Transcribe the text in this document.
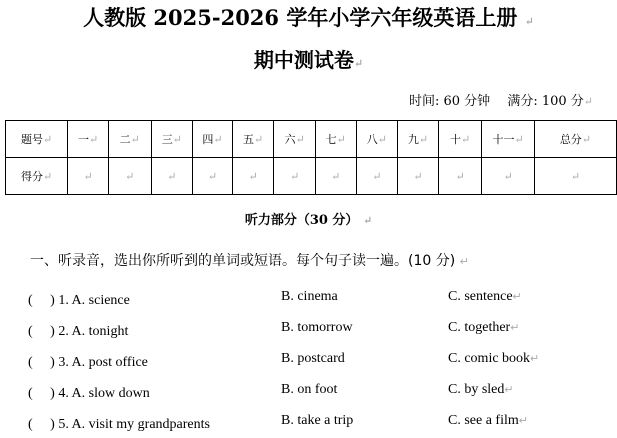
人教版 2025-2026 学年小学六年级英语上册 ↵
期中测试卷↵
时间: 60 分钟　 满分: 100 分↵
题号↵	一↵	二↵	三↵	四↵	五↵	六↵	七↵	八↵	九↵	十↵	十一↵	总分↵
得分↵	↵	↵	↵	↵	↵	↵	↵	↵	↵	↵	↵	↵
听力部分（30 分） ↵
一、听录音，选出你所听到的单词或短语。每个句子读一遍。(10 分) ↵
(　 ) 1. A. science	B. cinema	C. sentence↵
(　 ) 2. A. tonight	B. tomorrow	C. together↵
(　 ) 3. A. post office	B. postcard	C. comic book↵
(　 ) 4. A. slow down	B. on foot	C. by sled↵
(　 ) 5. A. visit my grandparents	B. take a trip	C. see a film↵
